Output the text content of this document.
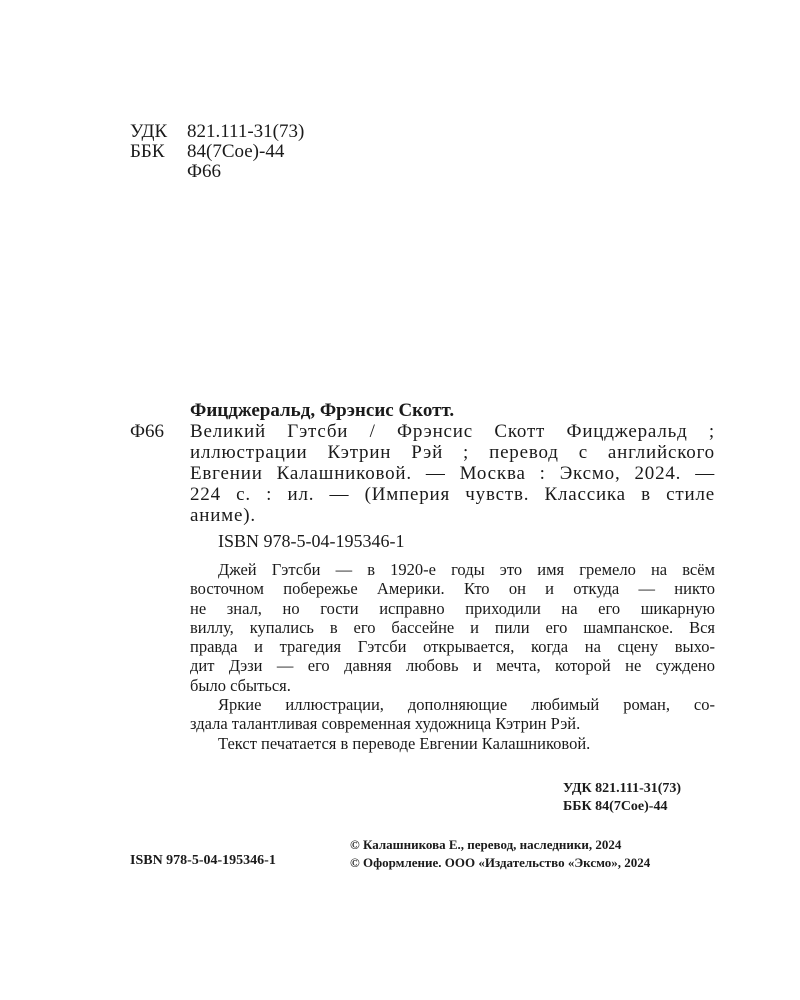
УДК 821.111-31(73)
ББК 84(7Сое)-44
Ф66
Фицджеральд, Фрэнсис Скотт.
Ф66 Великий Гэтсби / Фрэнсис Скотт Фицджеральд ;
иллюстрации Кэтрин Рэй ; перевод с английского
Евгении Калашниковой. — Москва : Эксмо, 2024. —
224 с. : ил. — (Империя чувств. Классика в стиле
аниме).
ISBN 978-5-04-195346-1
Джей Гэтсби — в 1920-е годы это имя гремело на всём
восточном побережье Америки. Кто он и откуда — никто
не знал, но гости исправно приходили на его шикарную
виллу, купались в его бассейне и пили его шампанское. Вся
правда и трагедия Гэтсби открывается, когда на сцену выхо-
дит Дэзи — его давняя любовь и мечта, которой не суждено
было сбыться.
Яркие иллюстрации, дополняющие любимый роман, со-
здала талантливая современная художница Кэтрин Рэй.
Текст печатается в переводе Евгении Калашниковой.
УДК 821.111-31(73)
ББК 84(7Сое)-44
ISBN 978-5-04-195346-1
© Калашникова Е., перевод, наследники, 2024
© Оформление. ООО «Издательство «Эксмо», 2024
